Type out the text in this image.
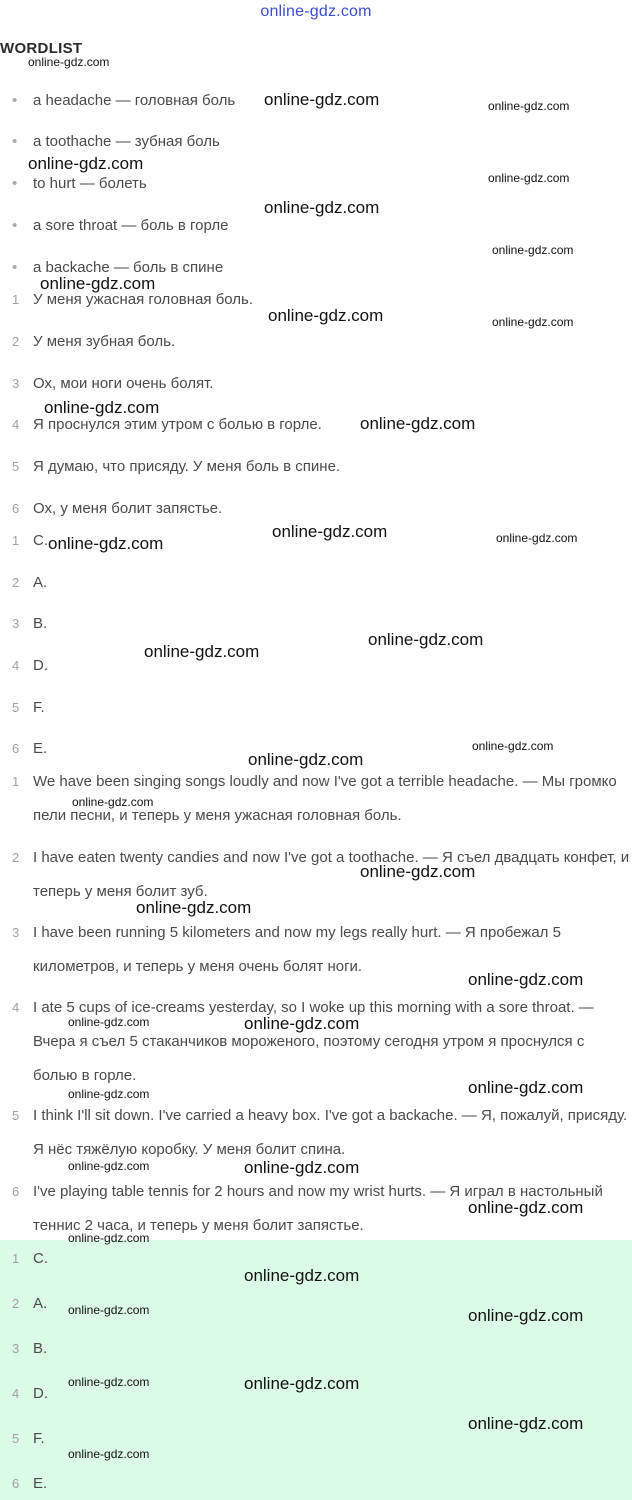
online-gdz.com
WORDLIST
•	a headache — головная боль
•	a toothache — зубная боль
•	to hurt — болеть
•	a sore throat — боль в горле
•	a backache — боль в спине
1 У меня ужасная головная боль.
2 У меня зубная боль.
3 Ох, мои ноги очень болят.
4 Я проснулся этим утром с болью в горле.
5 Я думаю, что присяду. У меня боль в спине.
6 Ох, у меня болит запястье.
1 C.
2 A.
3 B.
4 D.
5 F.
6 E.
1 We have been singing songs loudly and now I've got a terrible headache. — Мы громко пели песни, и теперь у меня ужасная головная боль.
2 I have eaten twenty candies and now I've got a toothache. — Я съел двадцать конфет, и теперь у меня болит зуб.
3 I have been running 5 kilometers and now my legs really hurt. — Я пробежал 5 километров, и теперь у меня очень болят ноги.
4 I ate 5 cups of ice-creams yesterday, so I woke up this morning with a sore throat. — Вчера я съел 5 стаканчиков мороженого, поэтому сегодня утром я проснулся с болью в горле.
5 I think I'll sit down. I've carried a heavy box. I've got a backache. — Я, пожалуй, присяду. Я нёс тяжёлую коробку. У меня болит спина.
6 I've playing table tennis for 2 hours and now my wrist hurts. — Я играл в настольный теннис 2 часа, и теперь у меня болит запястье.
1 C.
2 A.
3 B.
4 D.
5 F.
6 E.
online-gdz.com
online-gdz.com	online-gdz.com
online-gdz.com
online-gdz.com
online-gdz.com
online-gdz.com
online-gdz.com
online-gdz.com	online-gdz.com
online-gdz.com
online-gdz.com
online-gdz.com	online-gdz.com
online-gdz.com
online-gdz.com
online-gdz.com
online-gdz.com
online-gdz.com
online-gdz.com
online-gdz.com
online-gdz.com
online-gdz.com
online-gdz.com	online-gdz.com
online-gdz.com
online-gdz.com
online-gdz.com	online-gdz.com
online-gdz.com
online-gdz.com
online-gdz.com
online-gdz.com	online-gdz.com
online-gdz.com	online-gdz.com
online-gdz.com
online-gdz.com
